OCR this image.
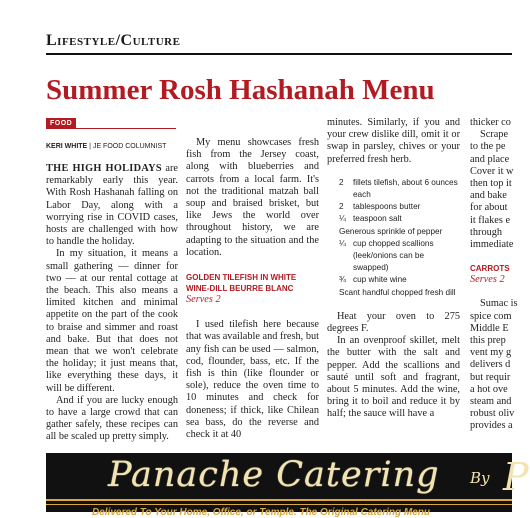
Lifestyle/Culture
Summer Rosh Hashanah Menu
FOOD
KERI WHITE | JE FOOD COLUMNIST

THE HIGH HOLIDAYS are remarkably early this year. With Rosh Hashanah falling on Labor Day, along with a worrying rise in COVID cases, hosts are challenged with how to handle the holiday.

In my situation, it means a small gathering — dinner for two — at our rental cottage at the beach. This also means a limited kitchen and minimal appetite on the part of the cook to braise and simmer and roast and bake. But that does not mean that we won't celebrate the holiday; it just means that, like everything these days, it will be different.

And if you are lucky enough to have a large crowd that can gather safely, these recipes can all be scaled up pretty simply.

My menu showcases fresh fish from the Jersey coast, along with blueberries and carrots from a local farm. It's not the traditional matzah ball soup and braised brisket, but like Jews the world over throughout history, we are adapting to the situation and the location.

GOLDEN TILEFISH IN WHITE WINE-DILL BEURRE BLANC
Serves 2

I used tilefish here because that was available and fresh, but any fish can be used — salmon, cod, flounder, bass, etc. If the fish is thin (like flounder or sole), reduce the oven time to 10 minutes and check for doneness; if thick, like Chilean sea bass, do the reverse and check it at 40

minutes. Similarly, if you and your crew dislike dill, omit it or swap in parsley, chives or your preferred fresh herb.

2	fillets tilefish, about 6 ounces each
2	tablespoons butter
¼ teaspoon salt
Generous sprinkle of pepper
¼ cup chopped scallions (leek/onions can be swapped)
¾ cup white wine
Scant handful chopped fresh dill

Heat your oven to 275 degrees F.

In an ovenproof skillet, melt the butter with the salt and pepper. Add the scallions and sauté until soft and fragrant, about 5 minutes. Add the wine, bring it to boil and reduce it by half; the sauce will have a

thicker co
Scrape
to the pe
and place
Cover it w
then top it
and bake
for about
it flakes e
through
immediate
CARROTS
Serves 2
Sumac is
spice com
Middle E
this prep
vent my g
delivers d
but requir
a hot ove
steam and
robust oliv
provides a
Panache Catering By P
Delivered To Your Home, Office, or Temple. The Original Catering Menu
